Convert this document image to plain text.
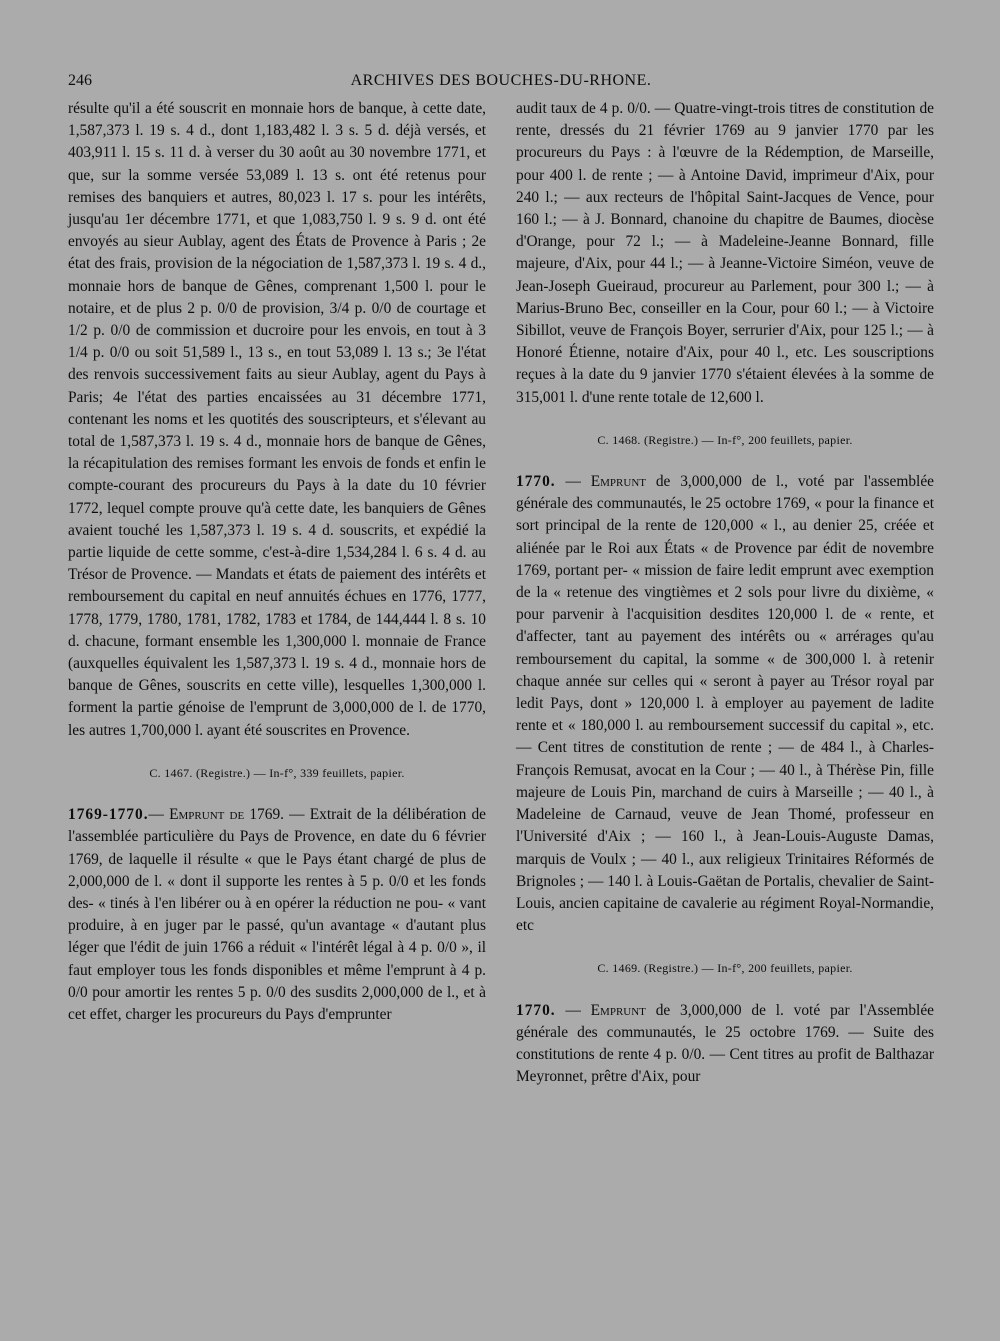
246	ARCHIVES DES BOUCHES-DU-RHONE.

résulte qu'il a été souscrit en monnaie hors de banque, à cette date, 1,587,373 l. 19 s. 4 d., dont 1,183,482 l. 3 s. 5 d. déjà versés, et 403,911 l. 15 s. 11 d. à verser du 30 août au 30 novembre 1771, et que, sur la somme versée 53,089 l. 13 s. ont été retenus pour remises des banquiers et autres, 80,023 l. 17 s. pour les intérêts, jusqu'au 1er décembre 1771, et que 1,083,750 l. 9 s. 9 d. ont été envoyés au sieur Aublay, agent des États de Provence à Paris ; 2e état des frais, provision de la négociation de 1,587,373 l. 19 s. 4 d., monnaie hors de banque de Gênes, comprenant 1,500 l. pour le notaire, et de plus 2 p. 0/0 de provision, 3/4 p. 0/0 de courtage et 1/2 p. 0/0 de commission et ducroire pour les envois, en tout à 3 1/4 p. 0/0 ou soit 51,589 l., 13 s., en tout 53,089 l. 13 s.; 3e l'état des renvois successivement faits au sieur Aublay, agent du Pays à Paris; 4e l'état des parties encaissées au 31 décembre 1771, contenant les noms et les quotités des souscripteurs, et s'élevant au total de 1,587,373 l. 19 s. 4 d., monnaie hors de banque de Gênes, la récapitulation des remises formant les envois de fonds et enfin le compte-courant des procureurs du Pays à la date du 10 février 1772, lequel compte prouve qu'à cette date, les banquiers de Gênes avaient touché les 1,587,373 l. 19 s. 4 d. souscrits, et expédié la partie liquide de cette somme, c'est-à-dire 1,534,284 l. 6 s. 4 d. au Trésor de Provence. — Mandats et états de paiement des intérêts et remboursement du capital en neuf annuités échues en 1776, 1777, 1778, 1779, 1780, 1781, 1782, 1783 et 1784, de 144,444 l. 8 s. 10 d. chacune, formant ensemble les 1,300,000 l. monnaie de France (auxquelles équivalent les 1,587,373 l. 19 s. 4 d., monnaie hors de banque de Gênes, souscrits en cette ville), lesquelles 1,300,000 l. forment la partie génoise de l'emprunt de 3,000,000 de l. de 1770, les autres 1,700,000 l. ayant été souscrites en Provence.

C. 1467. (Registre.) — In-f°, 339 feuillets, papier.

1769-1770.— Emprunt de 1769. — Extrait de la délibération de l'assemblée particulière du Pays de Provence, en date du 6 février 1769, de laquelle il résulte « que le Pays étant chargé de plus de 2,000,000 de l. « dont il supporte les rentes à 5 p. 0/0 et les fonds des- « tinés à l'en libérer ou à en opérer la réduction ne pou- « vant produire, à en juger par le passé, qu'un avantage « d'autant plus léger que l'édit de juin 1766 a réduit « l'intérêt légal à 4 p. 0/0 », il faut employer tous les fonds disponibles et même l'emprunt à 4 p. 0/0 pour amortir les rentes 5 p. 0/0 des susdits 2,000,000 de l., et à cet effet, charger les procureurs du Pays d'emprunter

audit taux de 4 p. 0/0. — Quatre-vingt-trois titres de constitution de rente, dressés du 21 février 1769 au 9 janvier 1770 par les procureurs du Pays : à l'œuvre de la Rédemption, de Marseille, pour 400 l. de rente ; — à Antoine David, imprimeur d'Aix, pour 240 l.; — aux recteurs de l'hôpital Saint-Jacques de Vence, pour 160 l.; — à J. Bonnard, chanoine du chapitre de Baumes, diocèse d'Orange, pour 72 l.; — à Madeleine-Jeanne Bonnard, fille majeure, d'Aix, pour 44 l.; — à Jeanne-Victoire Siméon, veuve de Jean-Joseph Gueiraud, procureur au Parlement, pour 300 l.; — à Marius-Bruno Bec, conseiller en la Cour, pour 60 l.; — à Victoire Sibillot, veuve de François Boyer, serrurier d'Aix, pour 125 l.; — à Honoré Étienne, notaire d'Aix, pour 40 l., etc. Les souscriptions reçues à la date du 9 janvier 1770 s'étaient élevées à la somme de 315,001 l. d'une rente totale de 12,600 l.

C. 1468. (Registre.) — In-f°, 200 feuillets, papier.

1770. — Emprunt de 3,000,000 de l., voté par l'assemblée générale des communautés, le 25 octobre 1769, « pour la finance et sort principal de la rente de 120,000 « l., au denier 25, créée et aliénée par le Roi aux États « de Provence par édit de novembre 1769, portant per- « mission de faire ledit emprunt avec exemption de la « retenue des vingtièmes et 2 sols pour livre du dixième, « pour parvenir à l'acquisition desdites 120,000 l. de « rente, et d'affecter, tant au payement des intérêts ou « arrérages qu'au remboursement du capital, la somme « de 300,000 l. à retenir chaque année sur celles qui « seront à payer au Trésor royal par ledit Pays, dont » 120,000 l. à employer au payement de ladite rente et « 180,000 l. au remboursement successif du capital », etc. — Cent titres de constitution de rente ; — de 484 l., à Charles-François Remusat, avocat en la Cour ; — 40 l., à Thérèse Pin, fille majeure de Louis Pin, marchand de cuirs à Marseille ; — 40 l., à Madeleine de Carnaud, veuve de Jean Thomé, professeur en l'Université d'Aix ; — 160 l., à Jean-Louis-Auguste Damas, marquis de Voulx ; — 40 l., aux religieux Trinitaires Réformés de Brignoles ; — 140 l. à Louis-Gaëtan de Portalis, chevalier de Saint-Louis, ancien capitaine de cavalerie au régiment Royal-Normandie, etc

C. 1469. (Registre.) — In-f°, 200 feuillets, papier.

1770. — Emprunt de 3,000,000 de l. voté par l'Assemblée générale des communautés, le 25 octobre 1769. — Suite des constitutions de rente 4 p. 0/0. — Cent titres au profit de Balthazar Meyronnet, prêtre d'Aix, pour
